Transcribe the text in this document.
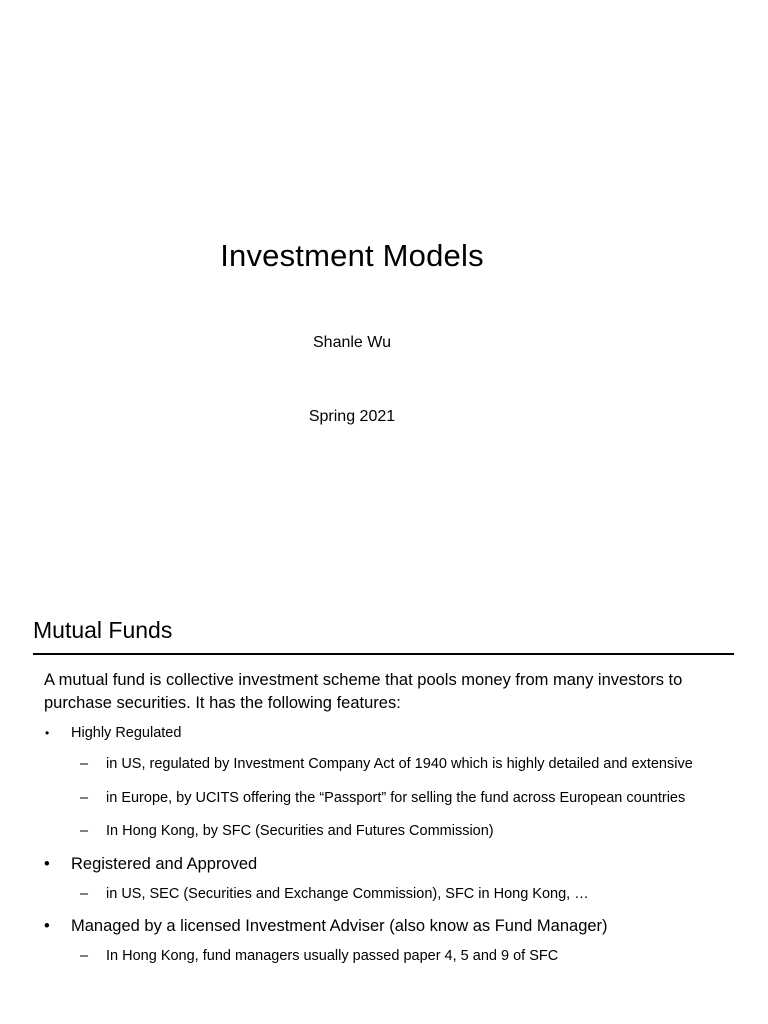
Investment Models
Shanle Wu
Spring 2021
Mutual Funds
A mutual fund is collective investment scheme that pools money from many investors to purchase securities. It has the following features:
• Highly Regulated
– in US, regulated by Investment Company Act of 1940 which is highly detailed and extensive
– in Europe, by UCITS offering the “Passport” for selling the fund across European countries
– In Hong Kong, by SFC (Securities and Futures Commission)
• Registered and Approved
– in US, SEC (Securities and Exchange Commission), SFC in Hong Kong, …
• Managed by a licensed Investment Adviser (also know as Fund Manager)
– In Hong Kong, fund managers usually passed paper 4, 5 and 9 of SFC
